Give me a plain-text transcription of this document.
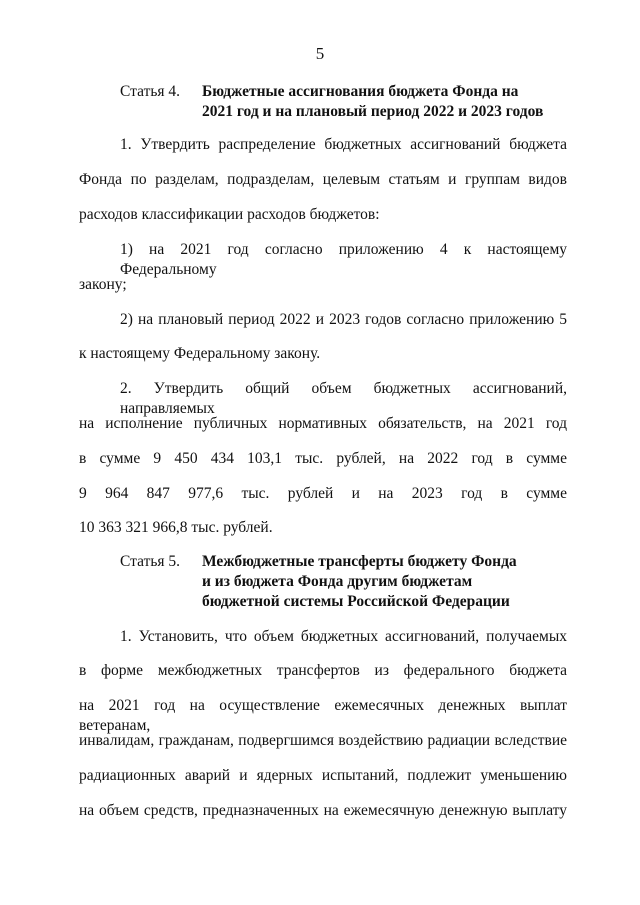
5
Статья 4.	Бюджетные ассигнования бюджета Фонда на
2021 год и на плановый период 2022 и 2023 годов
1. Утвердить распределение бюджетных ассигнований бюджета
Фонда по разделам, подразделам, целевым статьям и группам видов
расходов классификации расходов бюджетов:
1) на 2021 год согласно приложению 4 к настоящему Федеральному
закону;
2) на плановый период 2022 и 2023 годов согласно приложению 5
к настоящему Федеральному закону.
2. Утвердить общий объем бюджетных ассигнований, направляемых
на исполнение публичных нормативных обязательств, на 2021 год
в сумме 9 450 434 103,1 тыс. рублей, на 2022 год в сумме
9 964 847 977,6 тыс. рублей и на 2023 год в сумме
10 363 321 966,8 тыс. рублей.
Статья 5.	Межбюджетные трансферты бюджету Фонда
и из бюджета Фонда другим бюджетам
бюджетной системы Российской Федерации
1. Установить, что объем бюджетных ассигнований, получаемых
в форме межбюджетных трансфертов из федерального бюджета
на 2021 год на осуществление ежемесячных денежных выплат ветеранам,
инвалидам, гражданам, подвергшимся воздействию радиации вследствие
радиационных аварий и ядерных испытаний, подлежит уменьшению
на объем средств, предназначенных на ежемесячную денежную выплату
